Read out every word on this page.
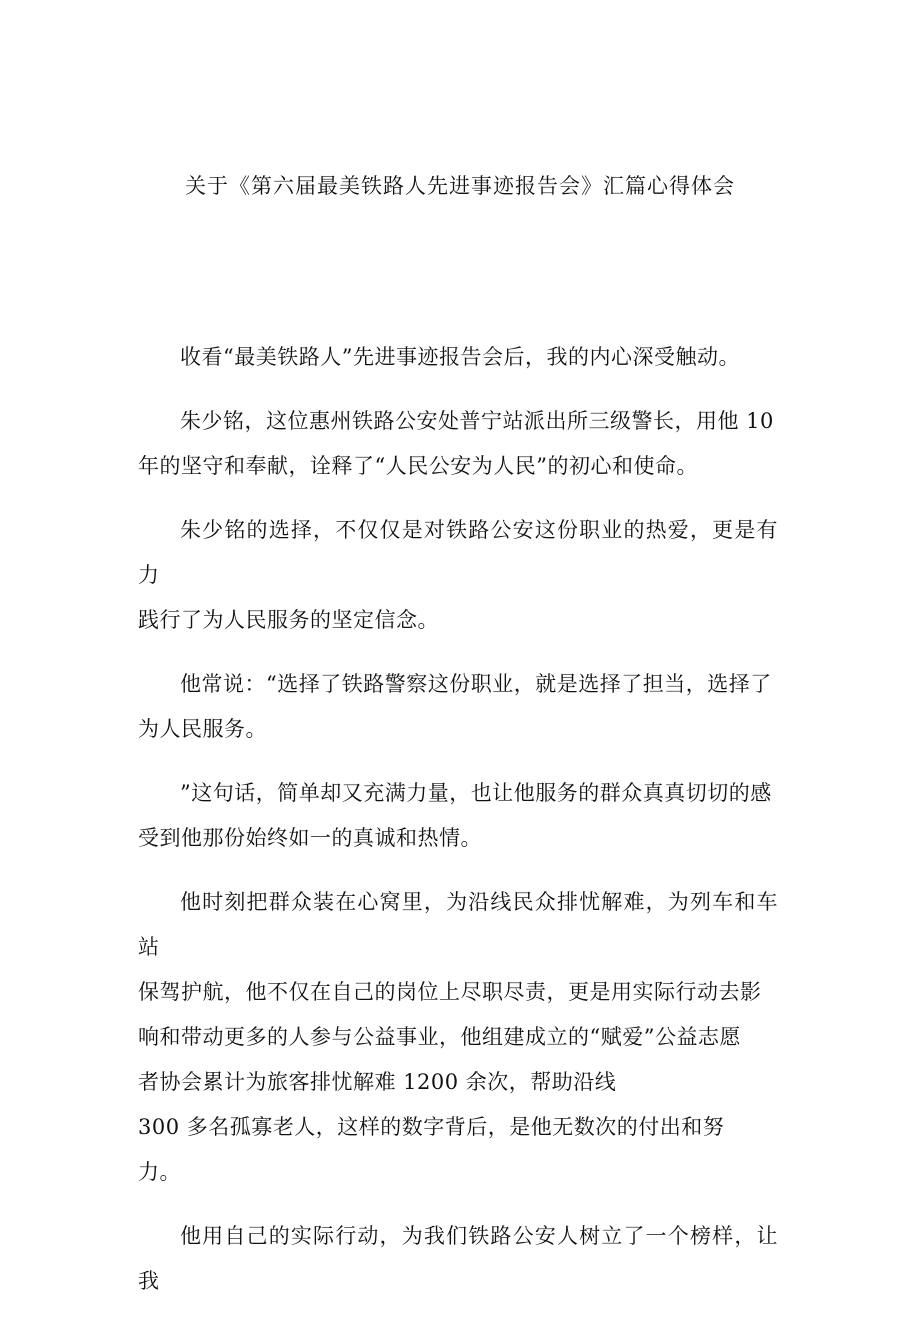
关于《第六届最美铁路人先进事迹报告会》汇篇心得体会

收看“最美铁路人”先进事迹报告会后，我的内心深受触动。

朱少铭，这位惠州铁路公安处普宁站派出所三级警长，用他 10
年的坚守和奉献，诠释了“人民公安为人民”的初心和使命。

朱少铭的选择，不仅仅是对铁路公安这份职业的热爱，更是有力
践行了为人民服务的坚定信念。

他常说：“选择了铁路警察这份职业，就是选择了担当，选择了
为人民服务。

”这句话，简单却又充满力量，也让他服务的群众真真切切的感
受到他那份始终如一的真诚和热情。

他时刻把群众装在心窝里，为沿线民众排忧解难，为列车和车站
保驾护航，他不仅在自己的岗位上尽职尽责，更是用实际行动去影
响和带动更多的人参与公益事业，他组建成立的“赋爱”公益志愿
者协会累计为旅客排忧解难 1200 余次，帮助沿线
300 多名孤寡老人，这样的数字背后，是他无数次的付出和努
力。

他用自己的实际行动，为我们铁路公安人树立了一个榜样，让我
